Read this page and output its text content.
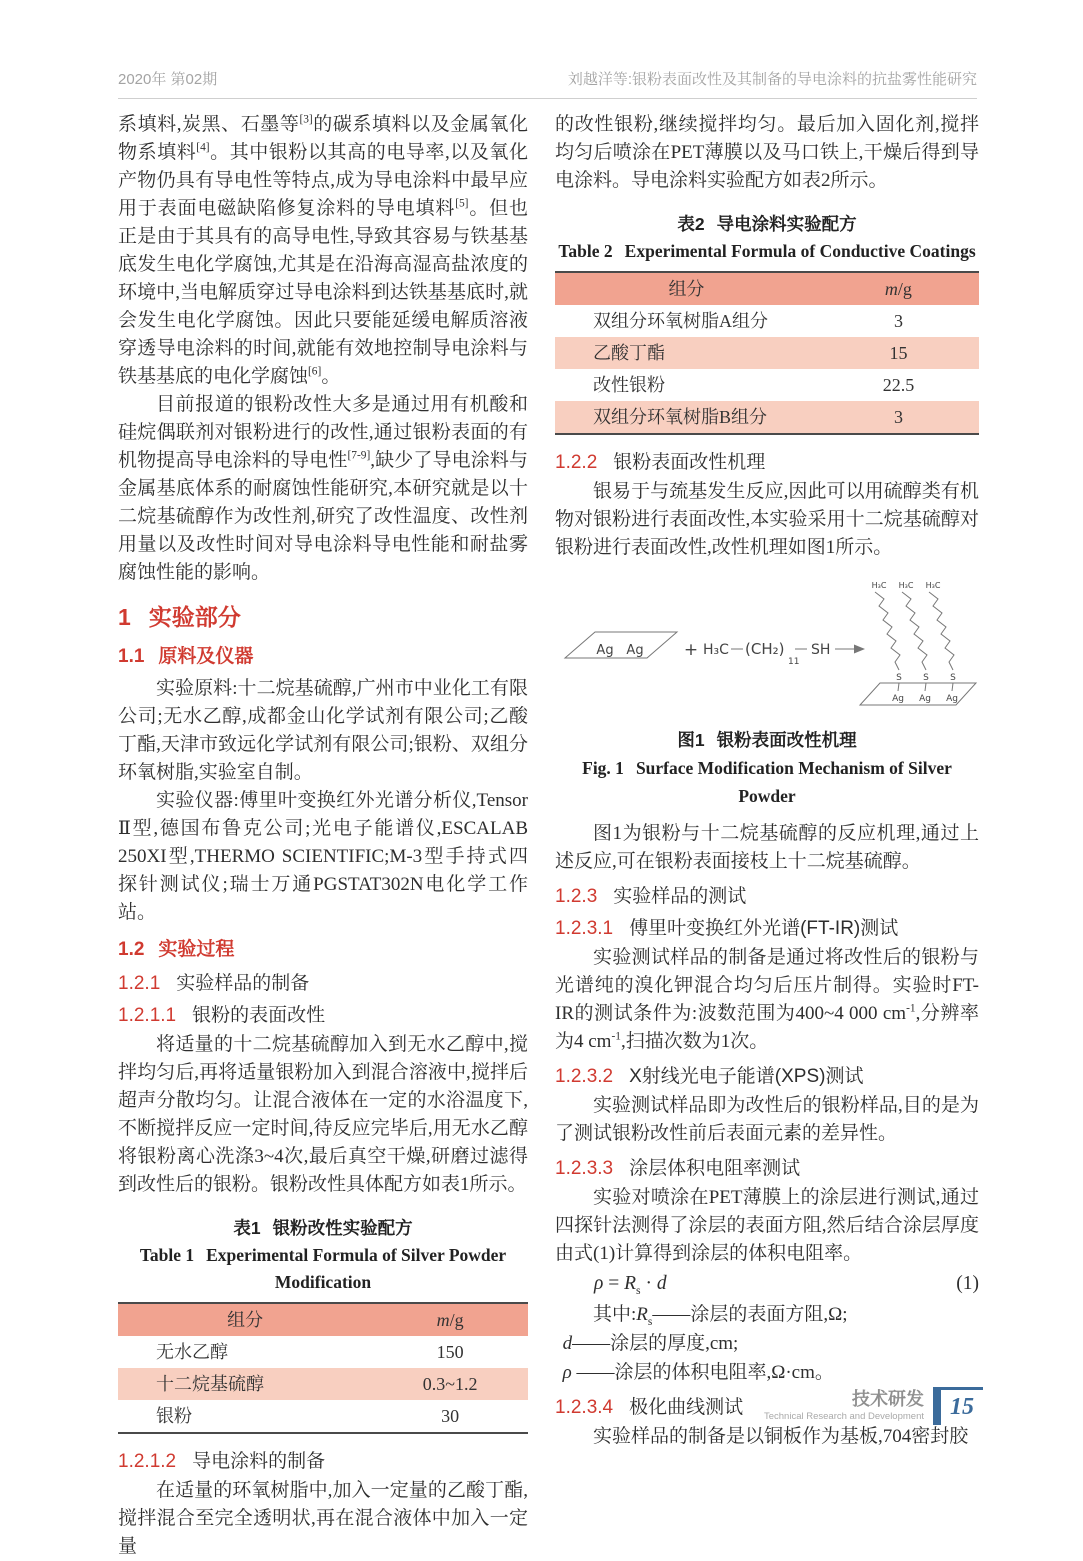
2020年 第02期	刘越洋等:银粉表面改性及其制备的导电涂料的抗盐雾性能研究

系填料,炭黑、石墨等[3]的碳系填料以及金属氧化物系填料[4]。其中银粉以其高的电导率,以及氧化产物仍具有导电性等特点,成为导电涂料中最早应用于表面电磁缺陷修复涂料的导电填料[5]。但也正是由于其具有的高导电性,导致其容易与铁基基底发生电化学腐蚀,尤其是在沿海高湿高盐浓度的环境中,当电解质穿过导电涂料到达铁基基底时,就会发生电化学腐蚀。因此只要能延缓电解质溶液穿透导电涂料的时间,就能有效地控制导电涂料与铁基基底的电化学腐蚀[6]。

目前报道的银粉改性大多是通过用有机酸和硅烷偶联剂对银粉进行的改性,通过银粉表面的有机物提高导电涂料的导电性[7-9],缺少了导电涂料与金属基底体系的耐腐蚀性能研究,本研究就是以十二烷基硫醇作为改性剂,研究了改性温度、改性剂用量以及改性时间对导电涂料导电性能和耐盐雾腐蚀性能的影响。

1 实验部分
1.1 原料及仪器

实验原料:十二烷基硫醇,广州市中业化工有限公司;无水乙醇,成都金山化学试剂有限公司;乙酸丁酯,天津市致远化学试剂有限公司;银粉、双组分环氧树脂,实验室自制。

实验仪器:傅里叶变换红外光谱分析仪,Tensor Ⅱ型,德国布鲁克公司;光电子能谱仪,ESCALAB 250XI型,THERMO SCIENTIFIC;M-3型手持式四探针测试仪;瑞士万通PGSTAT302N电化学工作站。

1.2 实验过程
1.2.1 实验样品的制备
1.2.1.1 银粉的表面改性

将适量的十二烷基硫醇加入到无水乙醇中,搅拌均匀后,再将适量银粉加入到混合溶液中,搅拌后超声分散均匀。让混合液体在一定的水浴温度下,不断搅拌反应一定时间,待反应完毕后,用无水乙醇将银粉离心洗涤3~4次,最后真空干燥,研磨过滤得到改性后的银粉。银粉改性具体配方如表1所示。

表1 银粉改性实验配方
Table 1 Experimental Formula of Silver Powder Modification
组分	m/g
无水乙醇	150
十二烷基硫醇	0.3~1.2
银粉	30
1.2.1.2 导电涂料的制备

在适量的环氧树脂中,加入一定量的乙酸丁酯,搅拌混合至完全透明状,再在混合液体中加入一定量

的改性银粉,继续搅拌均匀。最后加入固化剂,搅拌均匀后喷涂在PET薄膜以及马口铁上,干燥后得到导电涂料。导电涂料实验配方如表2所示。

表2 导电涂料实验配方
Table 2 Experimental Formula of Conductive Coatings
组分	m/g
双组分环氧树脂A组分	3
乙酸丁酯	15
改性银粉	22.5
双组分环氧树脂B组分	3
1.2.2 银粉表面改性机理

银易于与巯基发生反应,因此可以用硫醇类有机物对银粉进行表面改性,本实验采用十二烷基硫醇对银粉进行表面改性,改性机理如图1所示。

Ag Ag + H₃C (CH₂)
11
SH
H₃C H₃C H₃C
S S S
Ag Ag Ag
图1 银粉表面改性机理
Fig. 1 Surface Modification Mechanism of Silver Powder

图1为银粉与十二烷基硫醇的反应机理,通过上述反应,可在银粉表面接枝上十二烷基硫醇。

1.2.3 实验样品的测试
1.2.3.1 傅里叶变换红外光谱(FT-IR)测试

实验测试样品的制备是通过将改性后的银粉与光谱纯的溴化钾混合均匀后压片制得。实验时FT-IR的测试条件为:波数范围为400~4 000 $cm^{-1}$,分辨率为4 $cm^{-1}$,扫描次数为1次。

1.2.3.2 X射线光电子能谱(XPS)测试

实验测试样品即为改性后的银粉样品,目的是为了测试银粉改性前后表面元素的差异性。

1.2.3.3 涂层体积电阻率测试

实验对喷涂在PET薄膜上的涂层进行测试,通过四探针法测得了涂层的表面方阻,然后结合涂层厚度由式(1)计算得到涂层的体积电阻率。

$\rho = R_s \cdot d$	(1)

其中$:R_s——$涂层的表面方阻,Ω;

d——涂层的厚度,cm;

ρ ——涂层的体积电阻率,Ω·cm。

1.2.3.4 极化曲线测试

实验样品的制备是以铜板作为基板,704密封胶

技术研发
Technical Research and Development 15
